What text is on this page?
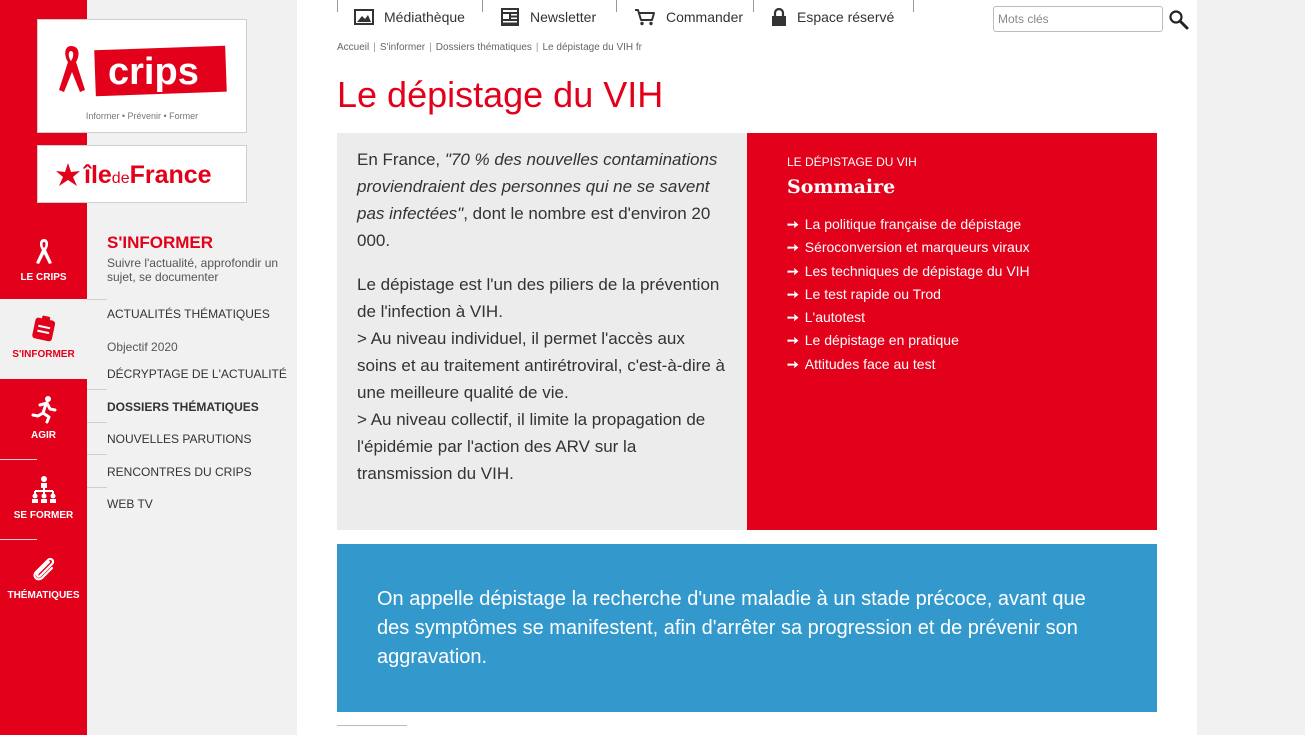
LE CRIPS
S'INFORMER
AGIR
SE FORMER
THÉMATIQUES
crips
Informer • Prévenir • Former
îledeFrance
S'INFORMER
Suivre l'actualité, approfondir un sujet, se documenter
ACTUALITÉS THÉMATIQUES
Objectif 2020
DÉCRYPTAGE DE L'ACTUALITÉ
DOSSIERS THÉMATIQUES
NOUVELLES PARUTIONS
RENCONTRES DU CRIPS
WEB TV
Médiathèque	Newsletter	Commander	Espace réservé
Mots clés
Accueil | S'informer | Dossiers thématiques | Le dépistage du VIH fr
Le dépistage du VIH

En France, "70 % des nouvelles contaminations proviendraient des personnes qui ne se savent pas infectées", dont le nombre est d'environ 20 000.

Le dépistage est l'un des piliers de la prévention de l'infection à VIH.
> Au niveau individuel, il permet l'accès aux soins et au traitement antirétroviral, c'est-à-dire à une meilleure qualité de vie.
> Au niveau collectif, il limite la propagation de l'épidémie par l'action des ARV sur la transmission du VIH.

LE DÉPISTAGE DU VIH
Sommaire
➙ La politique française de dépistage
➙ Séroconversion et marqueurs viraux
➙ Les techniques de dépistage du VIH
➙ Le test rapide ou Trod
➙ L'autotest
➙ Le dépistage en pratique
➙ Attitudes face au test

On appelle dépistage la recherche d'une maladie à un stade précoce, avant que des symptômes se manifestent, afin d'arrêter sa progression et de prévenir son aggravation.
